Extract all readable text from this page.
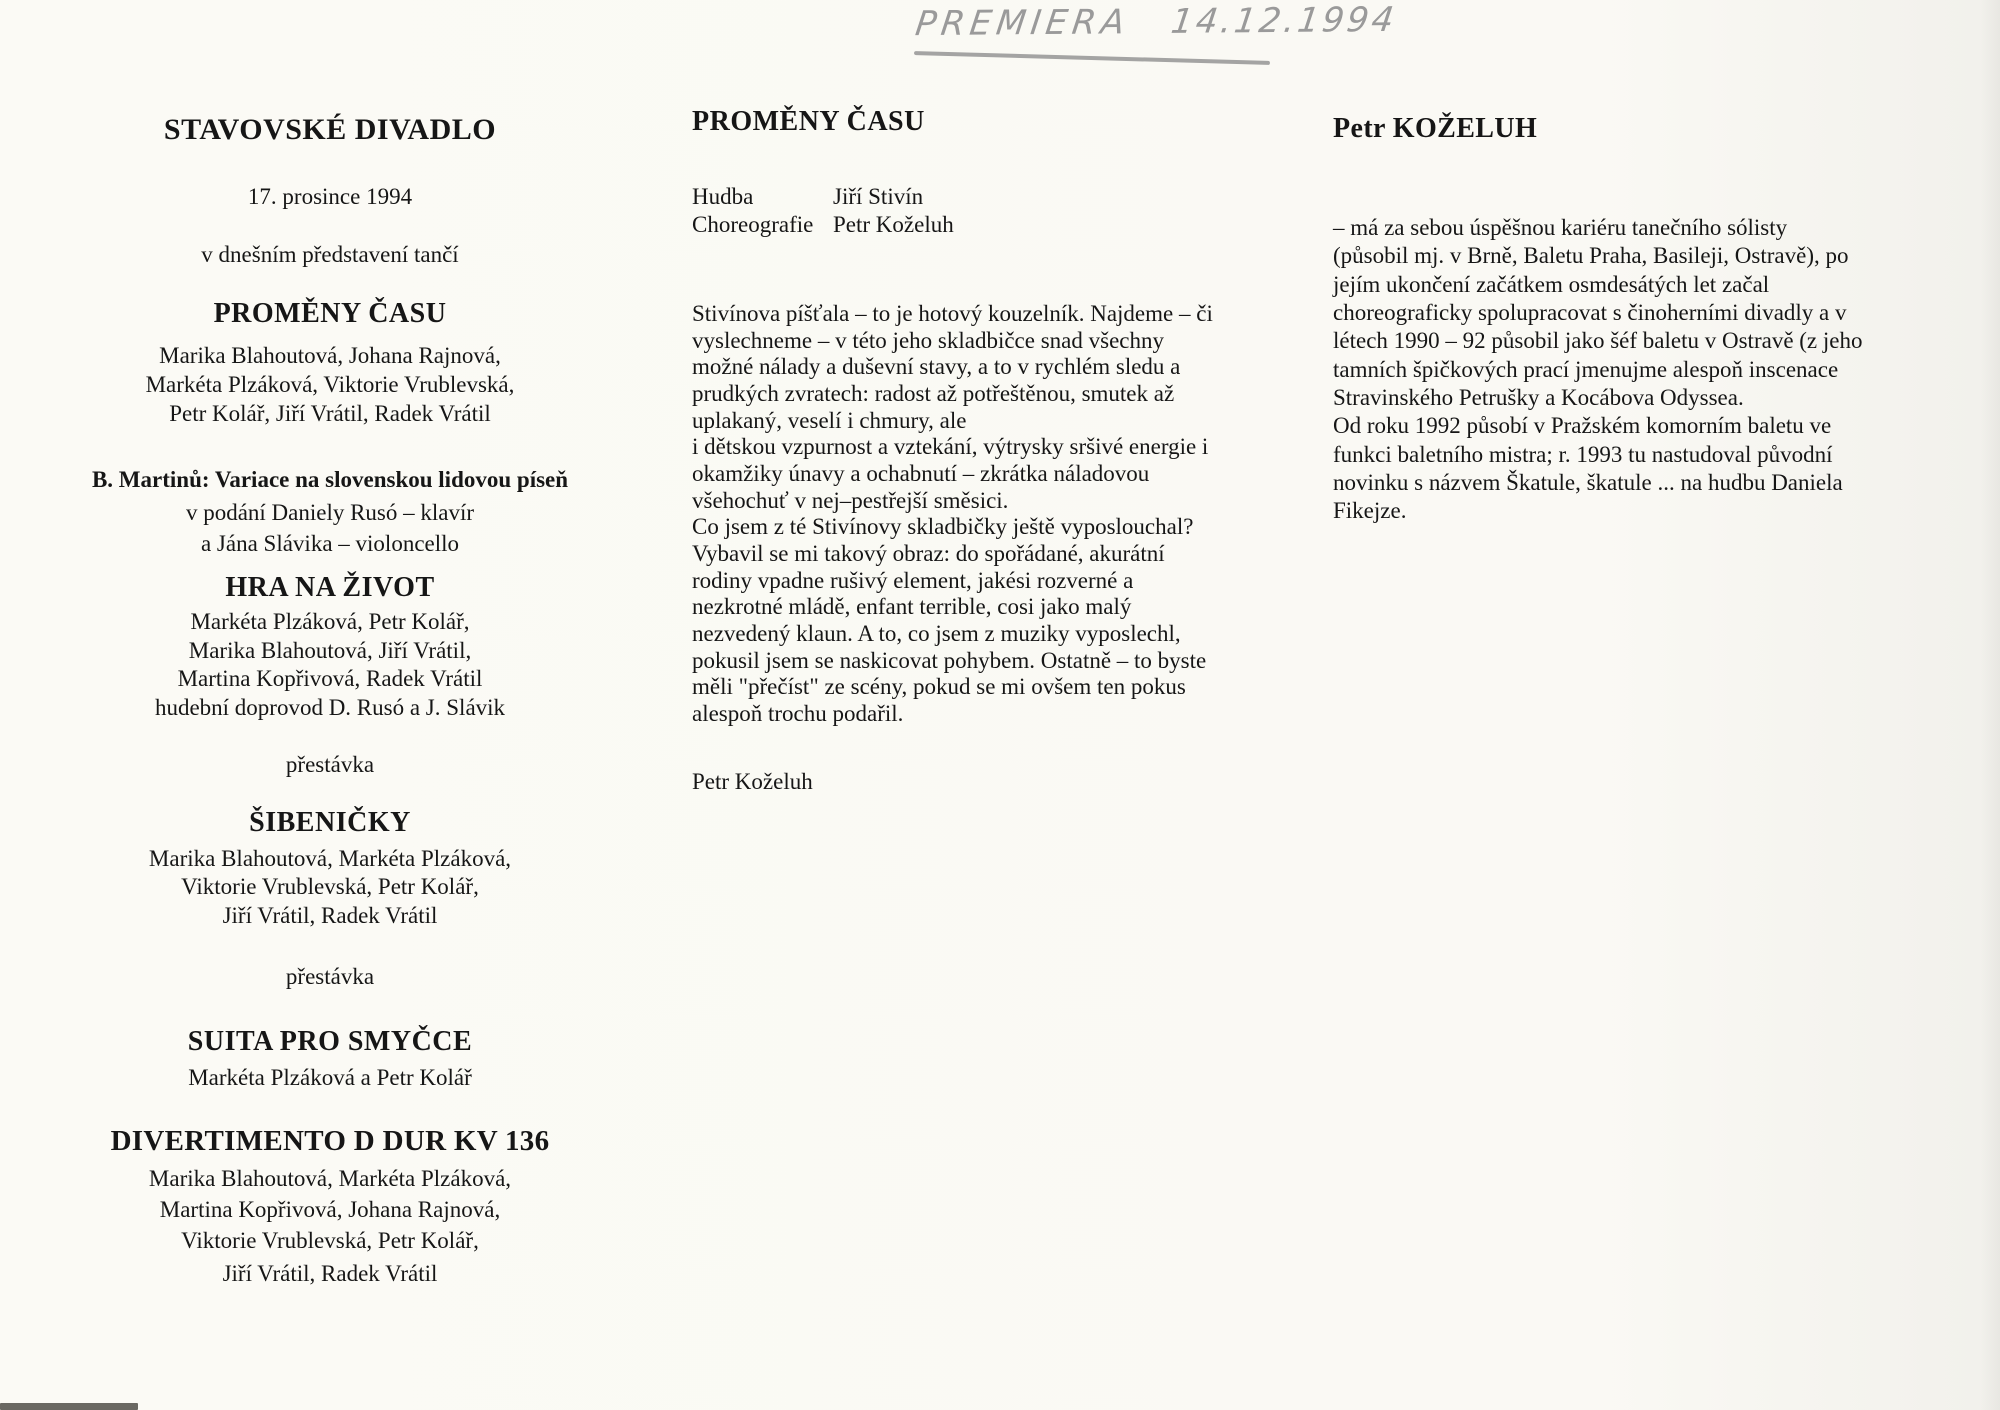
PREMIERA 14.12.1994
STAVOVSKÉ DIVADLO
17. prosince 1994
v dnešním představení tančí
PROMĚNY ČASU
Marika Blahoutová, Johana Rajnová,
Markéta Plzáková, Viktorie Vrublevská,
Petr Kolář, Jiří Vrátil, Radek Vrátil
B. Martinů: Variace na slovenskou lidovou píseň
v podání Daniely Rusó – klavír
a Jána Slávika – violoncello
HRA NA ŽIVOT
Markéta Plzáková, Petr Kolář,
Marika Blahoutová, Jiří Vrátil,
Martina Kopřivová, Radek Vrátil
hudební doprovod D. Rusó a J. Slávik
přestávka
ŠIBENIČKY
Marika Blahoutová, Markéta Plzáková,
Viktorie Vrublevská, Petr Kolář,
Jiří Vrátil, Radek Vrátil
přestávka
SUITA PRO SMYČCE
Markéta Plzáková a Petr Kolář
DIVERTIMENTO D DUR KV 136
Marika Blahoutová, Markéta Plzáková,
Martina Kopřivová, Johana Rajnová,
Viktorie Vrublevská, Petr Kolář,
Jiří Vrátil, Radek Vrátil
PROMĚNY ČASU
Hudba	Jiří Stivín
Choreografie Petr Koželuh
Stivínova píšťala – to je hotový kouzelník. Najdeme – či
vyslechneme – v této jeho skladbičce snad všechny
možné nálady a duševní stavy, a to v rychlém sledu a
prudkých zvratech: radost až potřeštěnou, smutek až
uplakaný, veselí i chmury, ale
i dětskou vzpurnost a vztekání, výtrysky sršivé energie i
okamžiky únavy a ochabnutí – zkrátka náladovou
všehochuť v nej–pestřejší směsici.
Co jsem z té Stivínovy skladbičky ještě vyposlouchal?
Vybavil se mi takový obraz: do spořádané, akurátní
rodiny vpadne rušivý element, jakési rozverné a
nezkrotné mládě, enfant terrible, cosi jako malý
nezvedený klaun. A to, co jsem z muziky vyposlechl,
pokusil jsem se naskicovat pohybem. Ostatně – to byste
měli "přečíst" ze scény, pokud se mi ovšem ten pokus
alespoň trochu podařil.
Petr Koželuh
Petr KOŽELUH
– má za sebou úspěšnou kariéru tanečního sólisty
(působil mj. v Brně, Baletu Praha, Basileji, Ostravě), po
jejím ukončení začátkem osmdesátých let začal
choreograficky spolupracovat s činoherními divadly a v
létech 1990 – 92 působil jako šéf baletu v Ostravě (z jeho
tamních špičkových prací jmenujme alespoň inscenace
Stravinského Petrušky a Kocábova Odyssea.
Od roku 1992 působí v Pražském komorním baletu ve
funkci baletního mistra; r. 1993 tu nastudoval původní
novinku s názvem Škatule, škatule ... na hudbu Daniela
Fikejze.
